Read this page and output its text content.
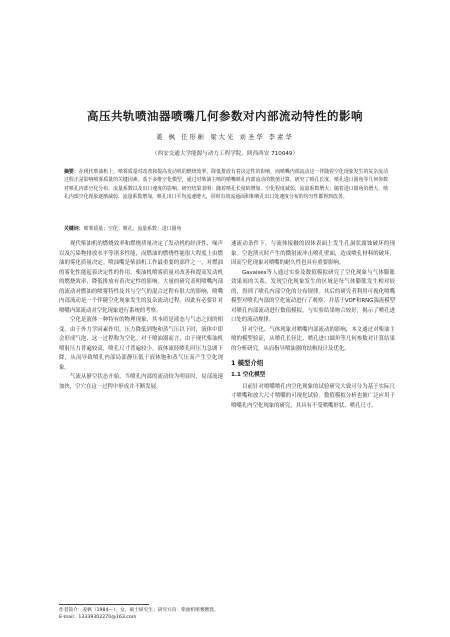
高压共轨喷油器喷嘴几何参数对内部流动特性的影响
姜 枫 任形彬 梁大光 刘圣华 李素华
（西安交通大学能源与动力工程学院，陕西西安 710049）
摘要：在现代柴油机上，喷雾质量对改善和提高发动机的燃烧效率、降低排放有着决定性的影响，而喷嘴内部流动这一伴随着空化现象发生的复杂流动过程正是影响喷雾质量的关键因素。基于多维空化模型，通过对柴油主喷的喷嘴喷孔内部流动的数值计算，研究了喷孔长度、喷孔进口圆角等几何参数对喷孔内部空化分布、流量系数以及出口速度的影响。研究结果表明：随着喷孔长度的增加，空化程度减弱，流量系数增大；随着进口圆角的增大，喷孔内部空化现象逐渐减弱，流量系数增加，喷孔出口平均流速增大，同时有效流通面积和喷孔出口处速度分布的均匀性都得到改善。
关键词：喷雾质量；空化；喷孔；流量系数；进口圆角

现代柴油机的燃烧效率和燃烧质量决定了发动机的经济性、噪声以及污染物排放水平等诸多性能，而燃油的燃烧性能很大程度上由燃油的雾化质量决定。喷油嘴是柴油机工作最重要的部件之一，对燃油的雾化性能起着决定性的作用。柴油机喷雾质量对改善和提高发动机的燃烧效率、降低排放有着决定性的影响。大量的研究表明喷嘴内部的流动对燃油的喷雾特性及其与空气的混合过程有很大的影响，喷嘴内部流动是一个伴随空化现象发生的复杂流动过程。因此有必要针对喷嘴内部流动对空化现象进行系统的考察。

空化是液体一种特有的物理现象，其本质是液态与气态之间的相变。由于外力学因素作用，压力降低到饱和蒸气压以下时，液体中即会形成气泡，这一过程称为空化。对于喷油器而言，由于现代柴油机喷射压力普遍较高，喷孔尺寸普遍较小，液体流经喷孔时压力急剧下降，从而导致喷孔内部局部静压低于液体饱和蒸气压而产生空化现象。

气流从静空状态开始，当喷孔内部的流动较为明显时，局部流速加快，空穴在这一过程中形成并不断发展。

速流动条件下，与流体接触的固体表面上发生孔洞状腐蚀破坏的现象。空泡溃灭时产生的微射流冲击喷孔壁面，造成喷孔材料的破坏，因而空化现象对喷嘴的耐久性也具有重要影响。

Gavaises等人通过实验及数值模拟研究了空化现象与气体膨胀效果间的关系，发现空化现象发生的区域是每气体膨胀发生相对较的，得到了喷孔内部空化的分布规律。其后的研究者利用可视化喷嘴模型对喷孔内部的空化流动进行了观察，并基于VOF和RNG湍流模型对喷孔内部流动进行数值模拟，与实验结果吻合较好，揭示了喷孔进口处的流动规律。

针对空化、气体现象对喷嘴内部流动的影响，本文通过对柴油主喷的模型验证，从喷孔长径比、喷孔进口圆角等几何参数对计算结果的分析研究，从而指导喷油器的结构设计及优化。

1 模型介绍
1.1 空化模型

目前针对喷嘴喷孔内空化现象的试验研究大致可分为基于实际尺寸喷嘴和放大尺寸喷嘴的可视化试验。数值模拟分析也被广泛应用于喷嘴孔内空化现象的研究，其具有不受喷嘴形状、喷孔尺寸、

作者简介：姜枫（1984—），女，硕士研究生；研究方向：柴油机喷雾燃烧。
E-mail：13339302270@163.com
